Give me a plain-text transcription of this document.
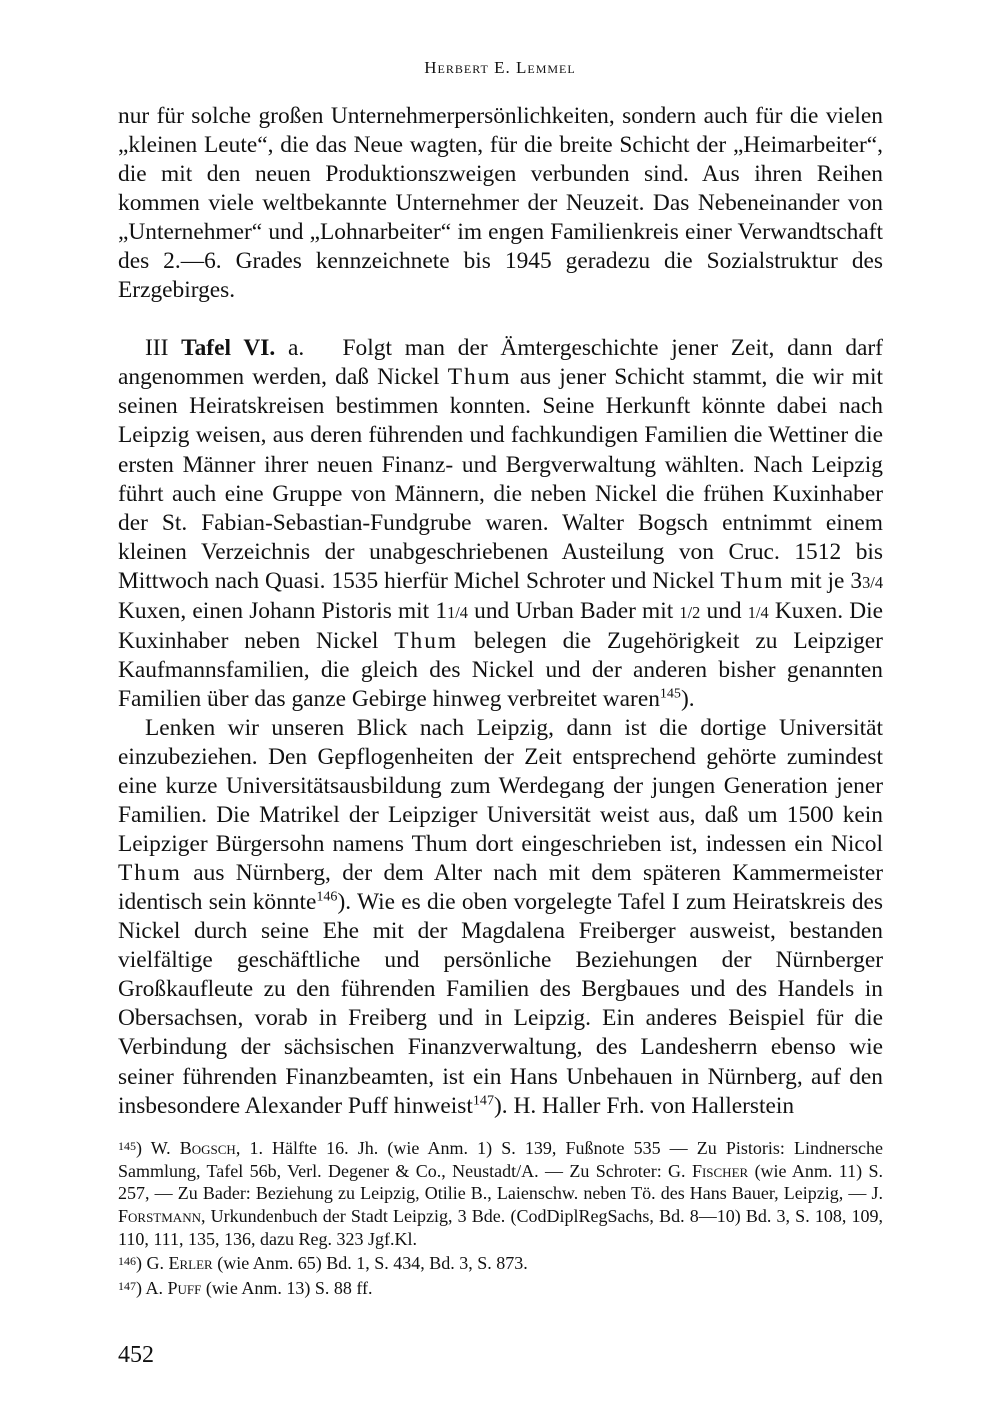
Herbert E. Lemmel

nur für solche großen Unternehmerpersönlichkeiten, sondern auch für die vielen „kleinen Leute“, die das Neue wagten, für die breite Schicht der „Heimarbeiter“, die mit den neuen Produktionszweigen verbunden sind. Aus ihren Reihen kommen viele weltbekannte Unternehmer der Neuzeit. Das Nebeneinander von „Unternehmer“ und „Lohnarbeiter“ im engen Familienkreis einer Verwandtschaft des 2.—6. Grades kennzeichnete bis 1945 geradezu die Sozialstruktur des Erzgebirges.

III Tafel VI. a. Folgt man der Ämtergeschichte jener Zeit, dann darf angenommen werden, daß Nickel Thum aus jener Schicht stammt, die wir mit seinen Heiratskreisen bestimmen konnten. Seine Herkunft könnte dabei nach Leipzig weisen, aus deren führenden und fachkundigen Familien die Wettiner die ersten Männer ihrer neuen Finanz- und Bergverwaltung wählten. Nach Leipzig führt auch eine Gruppe von Männern, die neben Nickel die frühen Kuxinhaber der St. Fabian-Sebastian-Fundgrube waren. Walter Bogsch entnimmt einem kleinen Verzeichnis der unabgeschriebenen Austeilung von Cruc. 1512 bis Mittwoch nach Quasi. 1535 hierfür Michel Schroter und Nickel Thum mit je 33/4 Kuxen, einen Johann Pistoris mit 11/4 und Urban Bader mit 1/2 und 1/4 Kuxen. Die Kuxinhaber neben Nickel Thum belegen die Zugehörigkeit zu Leipziger Kaufmannsfamilien, die gleich des Nickel und der anderen bisher genannten Familien über das ganze Gebirge hinweg verbreitet waren$^{145}$).

Lenken wir unseren Blick nach Leipzig, dann ist die dortige Universität einzubeziehen. Den Gepflogenheiten der Zeit entsprechend gehörte zumindest eine kurze Universitätsausbildung zum Werdegang der jungen Generation jener Familien. Die Matrikel der Leipziger Universität weist aus, daß um 1500 kein Leipziger Bürgersohn namens Thum dort eingeschrieben ist, indessen ein Nicol Thum aus Nürnberg, der dem Alter nach mit dem späteren Kammermeister identisch sein könnte$^{146}$). Wie es die oben vorgelegte Tafel I zum Heiratskreis des Nickel durch seine Ehe mit der Magdalena Freiberger ausweist, bestanden vielfältige geschäftliche und persönliche Beziehungen der Nürnberger Großkaufleute zu den führenden Familien des Bergbaues und des Handels in Obersachsen, vorab in Freiberg und in Leipzig. Ein anderes Beispiel für die Verbindung der sächsischen Finanzverwaltung, des Landesherrn ebenso wie seiner führenden Finanzbeamten, ist ein Hans Unbehauen in Nürnberg, auf den insbesondere Alexander Puff hinweist$^{147}$). H. Haller Frh. von Hallerstein

$^{145}$) W. Bogsch, 1. Hälfte 16. Jh. (wie Anm. 1) S. 139, Fußnote 535 — Zu Pistoris: Lindnersche Sammlung, Tafel 56b, Verl. Degener & Co., Neustadt/A. — Zu Schroter: G. Fischer (wie Anm. 11) S. 257, — Zu Bader: Beziehung zu Leipzig, Otilie B., Laienschw. neben Tö. des Hans Bauer, Leipzig, — J. Forstmann, Urkundenbuch der Stadt Leipzig, 3 Bde. (CodDiplRegSachs, Bd. 8—10) Bd. 3, S. 108, 109, 110, 111, 135, 136, dazu Reg. 323 Jgf.Kl.

$^{146}$) G. Erler (wie Anm. 65) Bd. 1, S. 434, Bd. 3, S. 873.

$^{147}$) A. Puff (wie Anm. 13) S. 88 ff.

452
